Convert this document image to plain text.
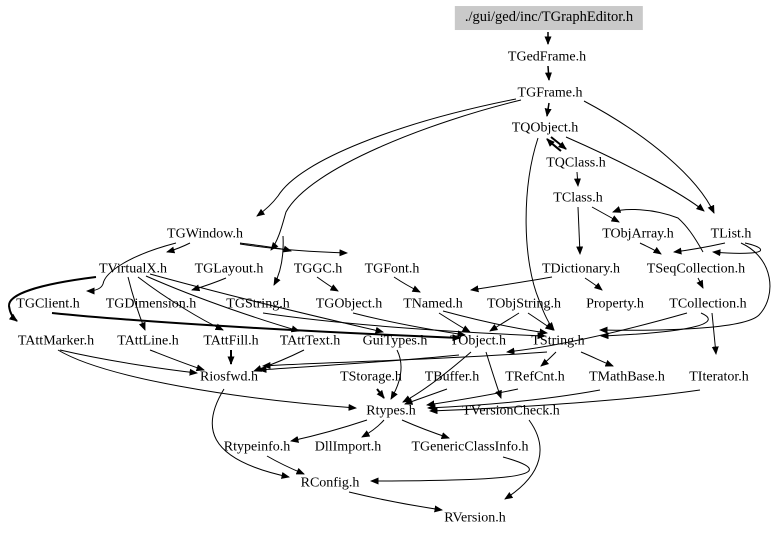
./gui/ged/inc/TGraphEditor.h
TGedFrame.h
TGFrame.h
TQObject.h
TQClass.h
TClass.h
TGWindow.h	TObjArray.h	TList.h
TVirtualX.h TGLayout.h TGGC.h TGFont.h	TDictionary.h TSeqCollection.h
TGClient.h TGDimension.h TGString.h TGObject.h TNamed.h TObjString.h Property.h TCollection.h
TAttMarker.h TAttLine.h TAttFill.h TAttText.h GuiTypes.h TObject.h TString.h
Riosfwd.h	TStorage.h TBuffer.h TRefCnt.h TMathBase.h TIterator.h
Rtypes.h	TVersionCheck.h
Rtypeinfo.h DllImport.h TGenericClassInfo.h
RConfig.h
RVersion.h
